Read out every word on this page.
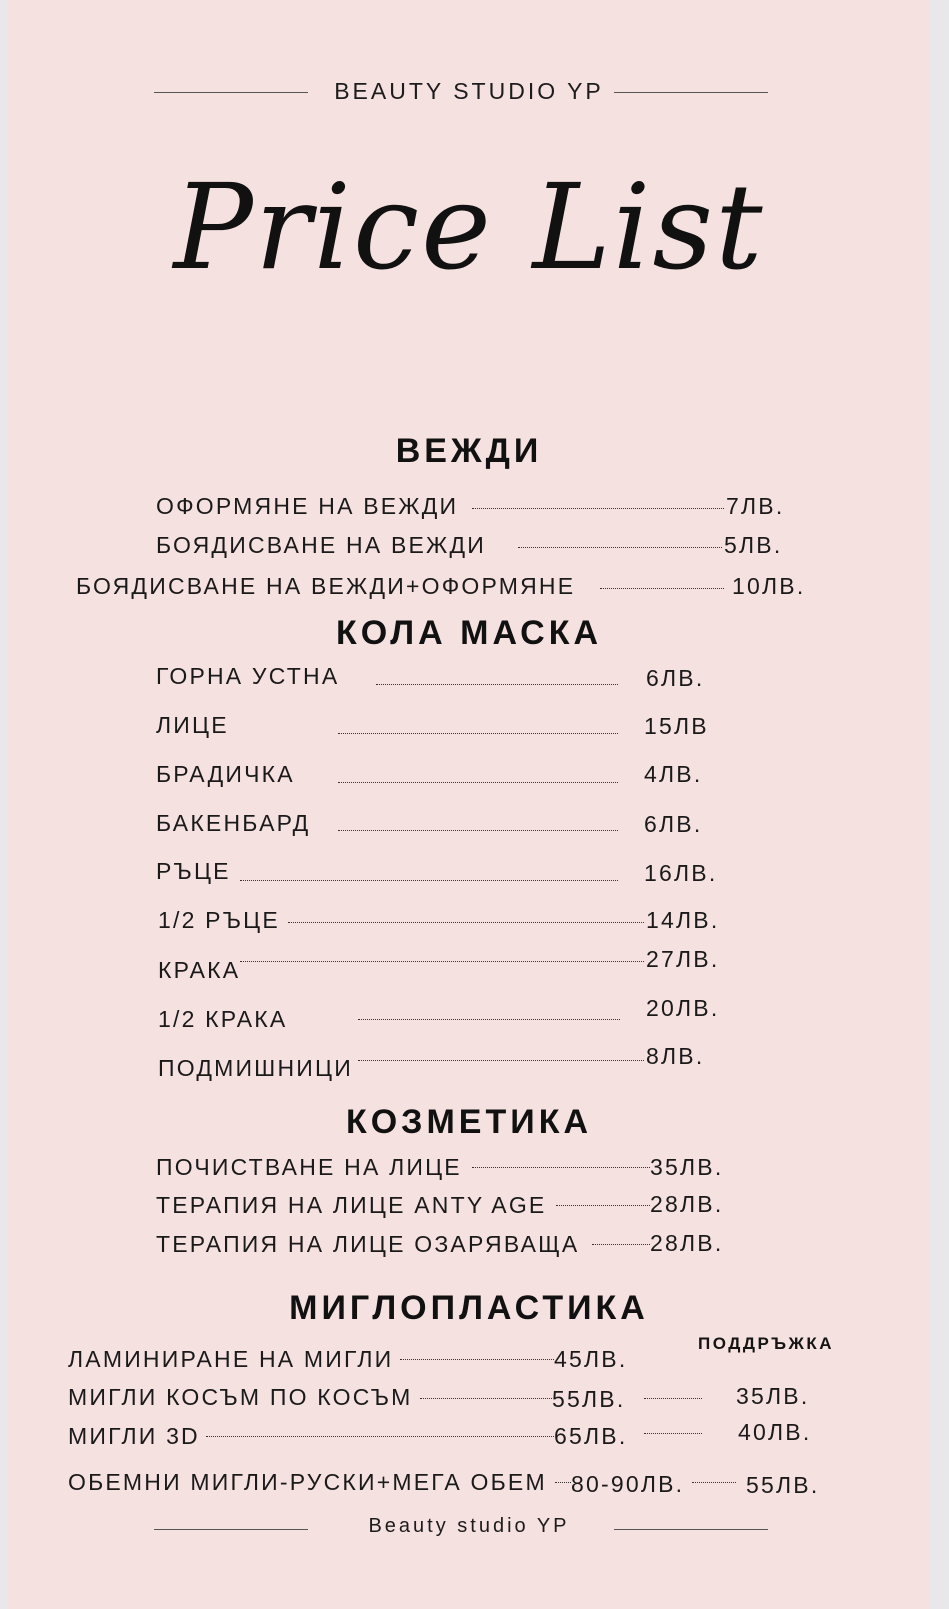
BEAUTY STUDIO YP
Price List
ВЕЖДИ
ОФОРМЯНЕ НА ВЕЖДИ	7ЛВ.
БОЯДИСВАНЕ НА ВЕЖДИ	5ЛВ.
БОЯДИСВАНЕ НА ВЕЖДИ+ОФОРМЯНЕ	10ЛВ.
КОЛА МАСКА
ГОРНА УСТНА	6ЛВ.
ЛИЦЕ	15ЛВ
БРАДИЧКА	4ЛВ.
БАКЕНБАРД	6ЛВ.
РЪЦЕ	16ЛВ.
1/2 РЪЦЕ	14ЛВ.
КРАКА	27ЛВ.
1/2 КРАКА	20ЛВ.
ПОДМИШНИЦИ	8ЛВ.
КОЗМЕТИКА
ПОЧИСТВАНЕ НА ЛИЦЕ	35ЛВ.
ТЕРАПИЯ НА ЛИЦЕ ANTY AGE	28ЛВ.
ТЕРАПИЯ НА ЛИЦЕ ОЗАРЯВАЩА	28ЛВ.
МИГЛОПЛАСТИКА
ПОДДРЪЖКА
ЛАМИНИРАНЕ НА МИГЛИ	45ЛВ.
МИГЛИ КОСЪМ ПО КОСЪМ	55ЛВ.	35ЛВ.
МИГЛИ 3D	65ЛВ.	40ЛВ.
ОБЕМНИ МИГЛИ-РУСКИ+МЕГА ОБЕМ 80-90ЛВ.	55ЛВ.
Beauty studio YP
